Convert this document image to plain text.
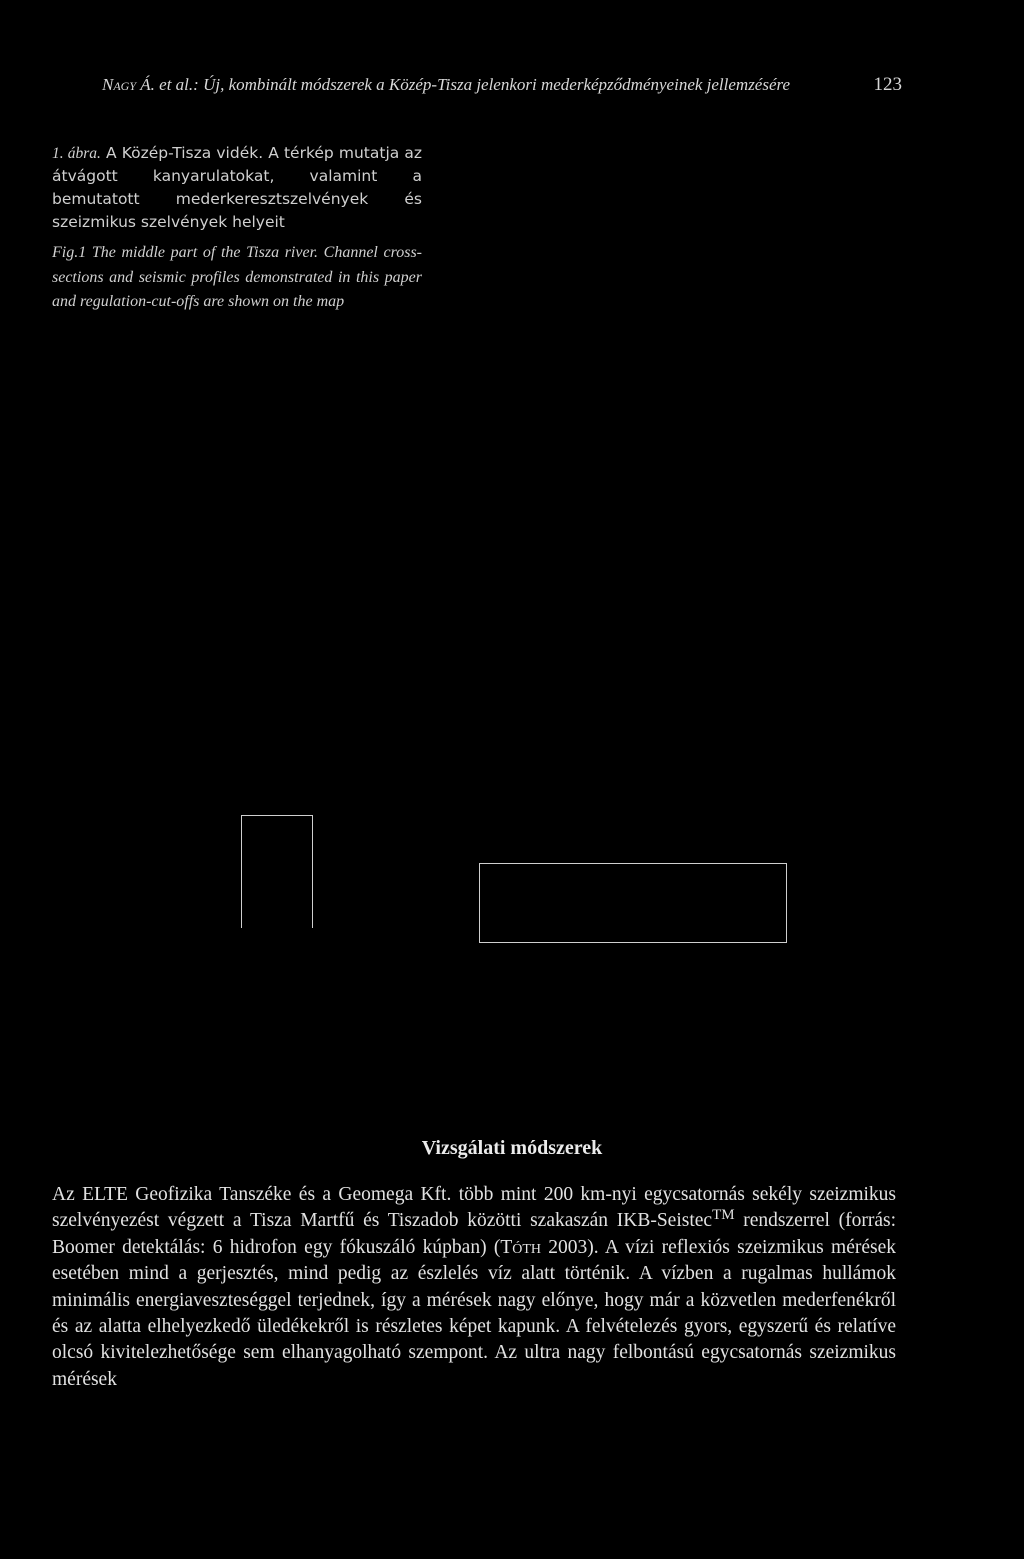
Nagy Á. et al.: Új, kombinált módszerek a Közép-Tisza jelenkori mederképződményeinek jellemzésére	123
1. ábra. A Közép-Tisza vidék. A térkép mutatja az átvágott kanyarulatokat, valamint a bemutatott mederkeresztszelvények és szeizmikus szelvények helyeit
Fig.1 The middle part of the Tisza river. Channel cross-sections and seismic profiles demonstrated in this paper and regulation-cut-offs are shown on the map
Vizsgálati módszerek
Az ELTE Geofizika Tanszéke és a Geomega Kft. több mint 200 km-nyi egycsatornás sekély szeizmikus szelvényezést végzett a Tisza Martfű és Tiszadob közötti szakaszán IKB-Seistec™ rendszerrel (forrás: Boomer detektálás: 6 hidrofon egy fókuszáló kúpban) (Tóth 2003). A vízi reflexiós szeizmikus mérések esetében mind a gerjesztés, mind pedig az észlelés víz alatt történik. A vízben a rugalmas hullámok minimális energiaveszteséggel terjednek, így a mérések nagy előnye, hogy már a közvetlen mederfenékről és az alatta elhelyezkedő üledékekről is részletes képet kapunk. A felvételezés gyors, egyszerű és relatíve olcsó kivitelezhetősége sem elhanyagolható szempont. Az ultra nagy felbontású egycsatornás szeizmikus mérések
